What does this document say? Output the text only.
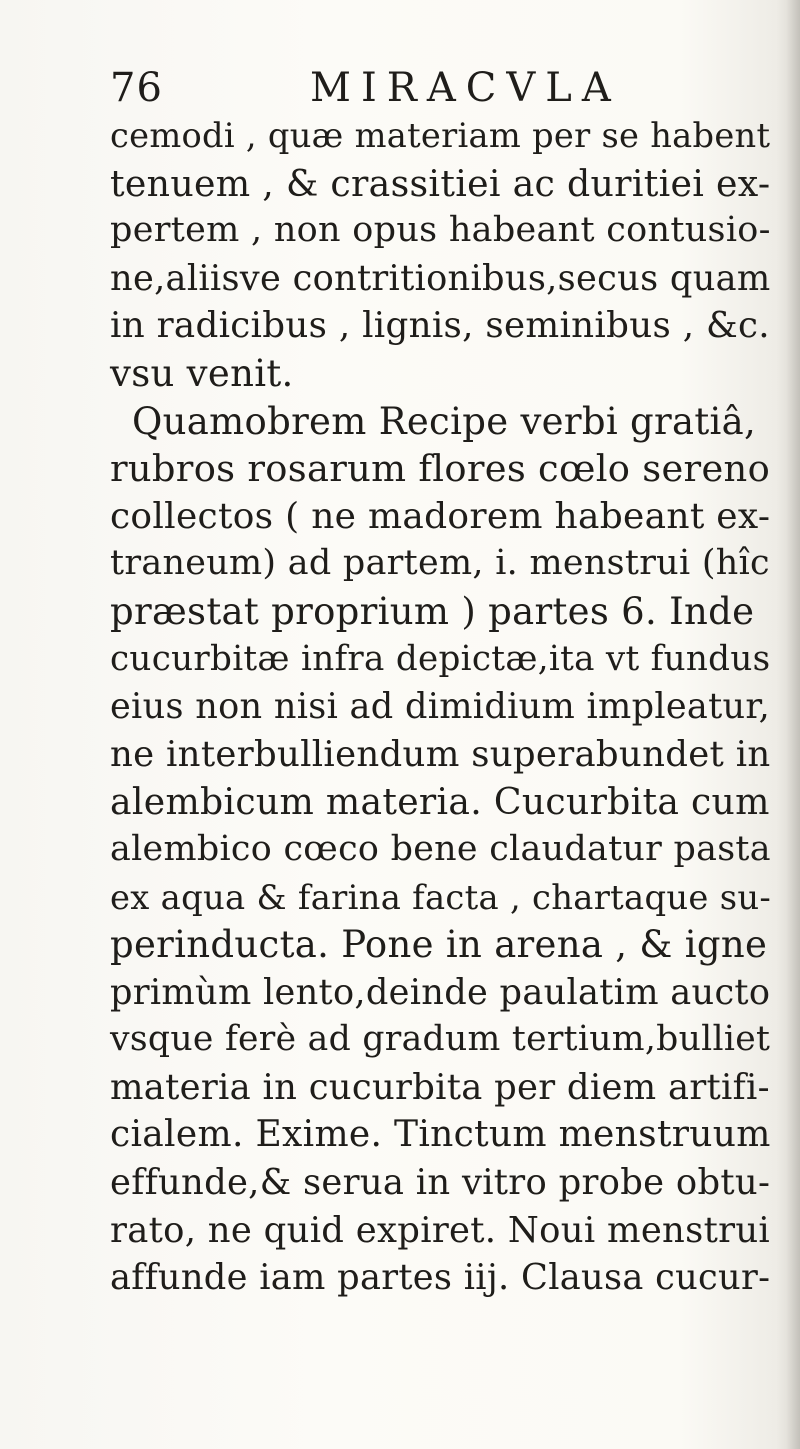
76	MIRACVLA
cemodi , quæ materiam per se habent
tenuem , & crassitiei ac duritiei ex-
pertem , non opus habeant contusio-
ne,aliisve contritionibus,secus quam
in radicibus , lignis, seminibus , &c.
vsu venit.
Quamobrem Recipe verbi gratiâ,
rubros rosarum flores cœlo sereno
collectos ( ne madorem habeant ex-
traneum) ad partem, i. menstrui (hîc
præstat proprium ) partes 6. Inde
cucurbitæ infra depictæ,ita vt fundus
eius non nisi ad dimidium impleatur,
ne interbulliendum superabundet in
alembicum materia. Cucurbita cum
alembico cœco bene claudatur pasta
ex aqua & farina facta , chartaque su-
perinducta. Pone in arena , & igne
primùm lento,deinde paulatim aucto
vsque ferè ad gradum tertium,bulliet
materia in cucurbita per diem artifi-
cialem. Exime. Tinctum menstruum
effunde,& serua in vitro probe obtu-
rato, ne quid expiret. Noui menstrui
affunde iam partes iij. Clausa cucur-
